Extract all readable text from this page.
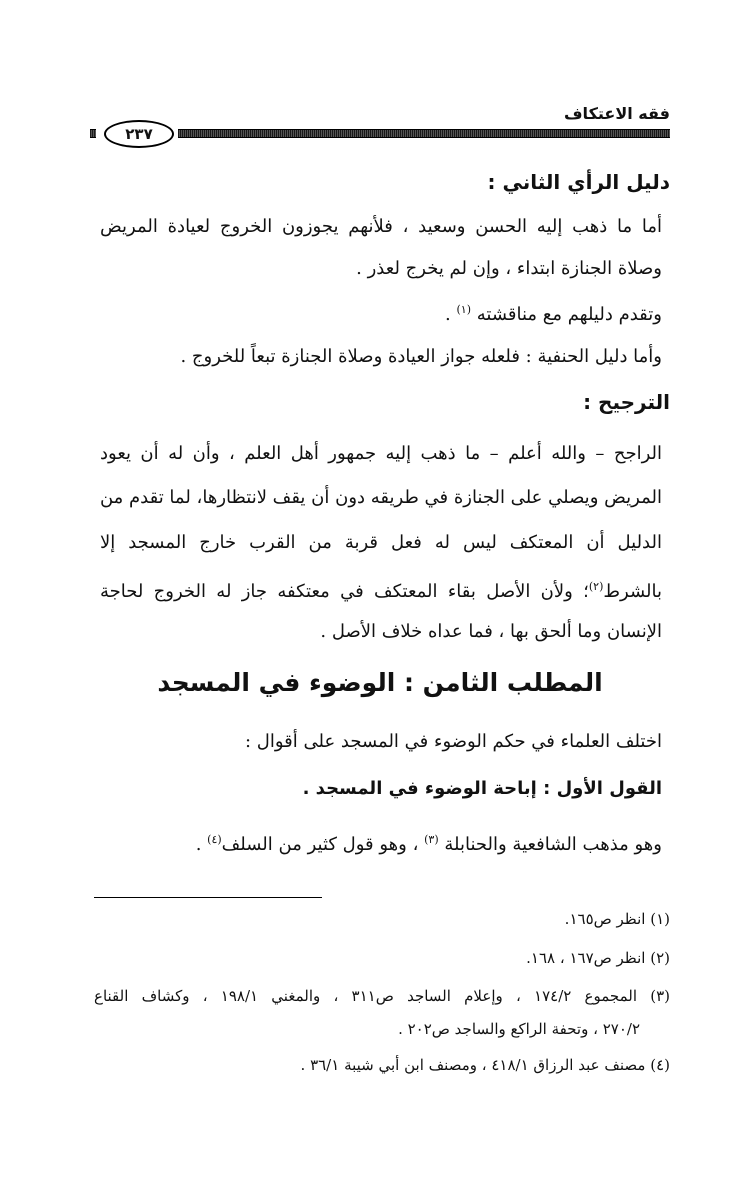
فقه الاعتكاف
٢٣٧
دليل الرأي الثاني :
أما ما ذهب إليه الحسن وسعيد ، فلأنهم يجوزون الخروج لعيادة المريض
وصلاة الجنازة ابتداء ، وإن لم يخرج لعذر .
وتقدم دليلهم مع مناقشته $^{(١)}$ .
وأما دليل الحنفية : فلعله جواز العيادة وصلاة الجنازة تبعاً للخروج .
الترجيح :
الراجح – والله أعلم – ما ذهب إليه جمهور أهل العلم ، وأن له أن يعود
المريض ويصلي على الجنازة في طريقه دون أن يقف لانتظارها، لما تقدم من
الدليل أن المعتكف ليس له فعل قربة من القرب خارج المسجد إلا
بالشرط$^{(٢)}$؛ ولأن الأصل بقاء المعتكف في معتكفه جاز له الخروج لحاجة
الإنسان وما ألحق بها ، فما عداه خلاف الأصل .
المطلب الثامن : الوضوء في المسجد
اختلف العلماء في حكم الوضوء في المسجد على أقوال :
القول الأول : إباحة الوضوء في المسجد .
وهو مذهب الشافعية والحنابلة $^{(٣)}$ ، وهو قول كثير من السلف$^{(٤)}$ .
(١) انظر ص١٦٥.
(٢) انظر ص١٦٧ ، ١٦٨.
(٣) المجموع ١٧٤/٢ ، وإعلام الساجد ص٣١١ ، والمغني ١٩٨/١ ، وكشاف القناع
٢٧٠/٢ ، وتحفة الراكع والساجد ص٢٠٢ .
(٤) مصنف عبد الرزاق ٤١٨/١ ، ومصنف ابن أبي شيبة ٣٦/١ .
